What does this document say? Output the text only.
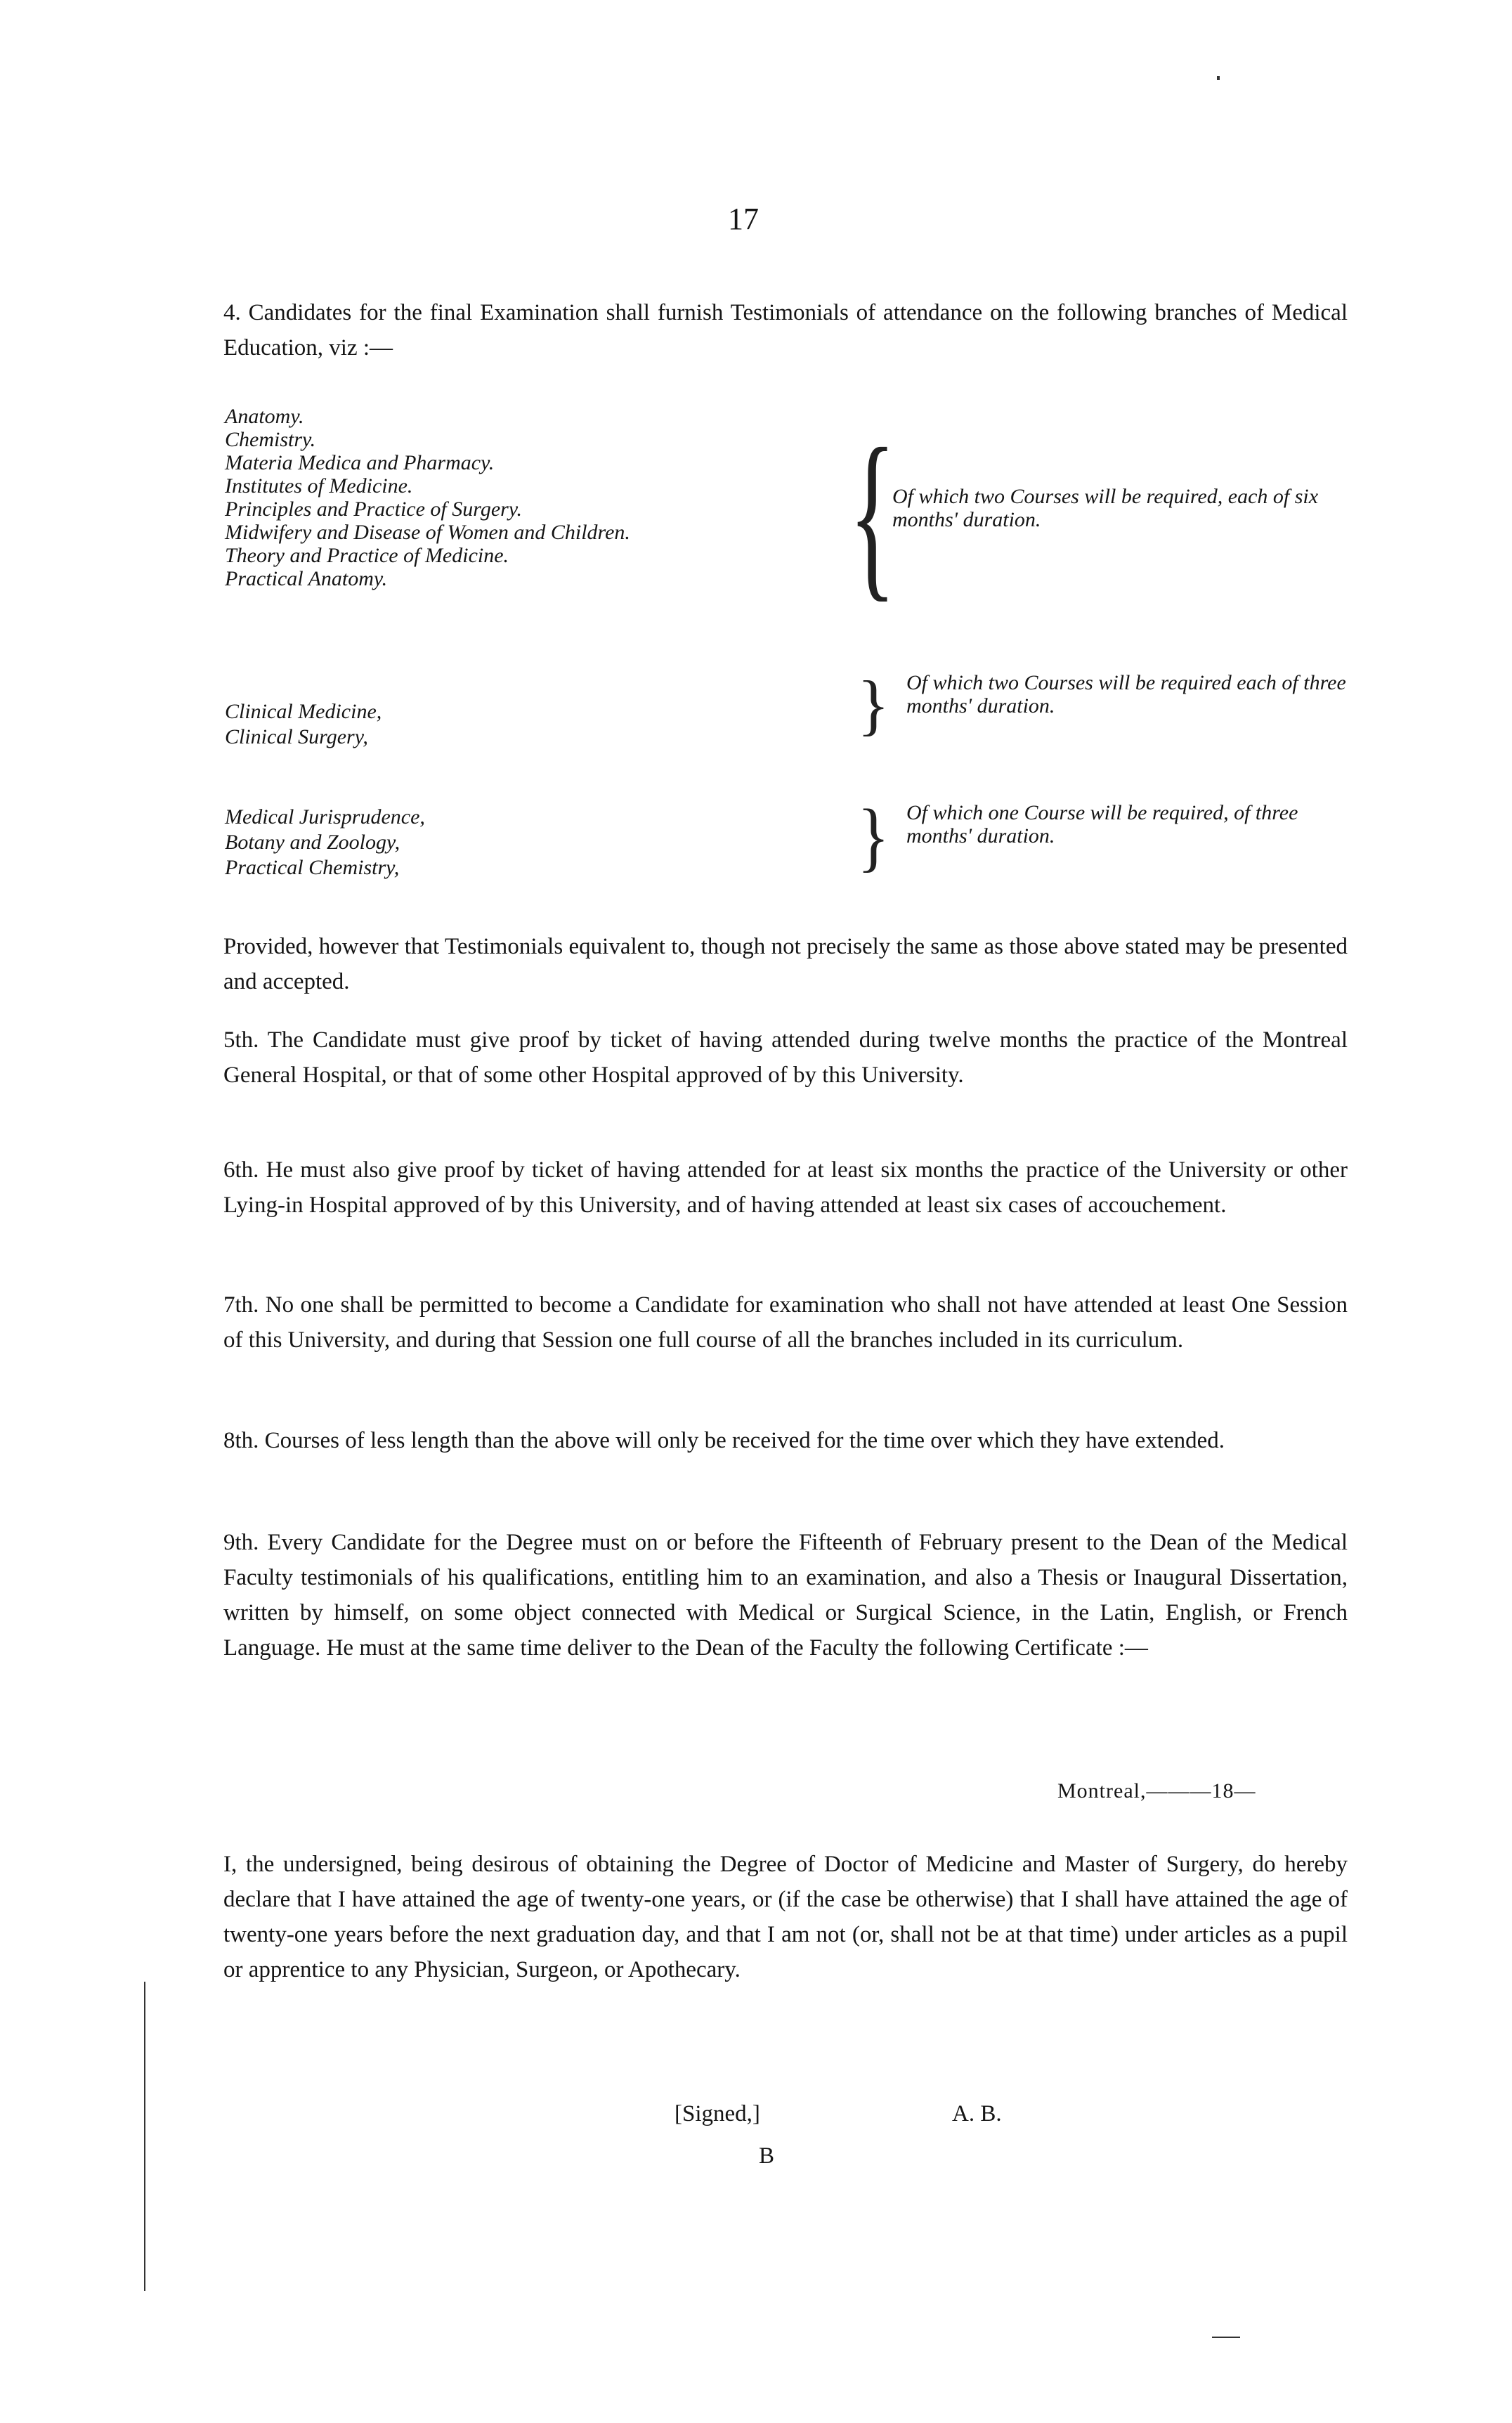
17
4. Candidates for the final Examination shall furnish Testimonials of attendance on the following branches of Medical Education, viz :—
Anatomy.
Chemistry.
Materia Medica and Pharmacy.
Institutes of Medicine.
Principles and Practice of Surgery.
Midwifery and Disease of Women and Children.
Theory and Practice of Medicine.
Practical Anatomy.	{
Of which two Courses will be required, each of six months' duration.
Clinical Medicine,
Clinical Surgery,	} Of which two Courses will be required each of three months' duration.
Medical Jurisprudence,
Botany and Zoology,
Practical Chemistry,	} Of which one Course will be required, of three months' duration.
Provided, however that Testimonials equivalent to, though not precisely the same as those above stated may be presented and accepted.
5th. The Candidate must give proof by ticket of having attended during twelve months the practice of the Montreal General Hospital, or that of some other Hospital approved of by this University.
6th. He must also give proof by ticket of having attended for at least six months the practice of the University or other Lying-in Hospital approved of by this University, and of having attended at least six cases of accouchement.
7th. No one shall be permitted to become a Candidate for examination who shall not have attended at least One Session of this University, and during that Session one full course of all the branches included in its curriculum.
8th. Courses of less length than the above will only be received for the time over which they have extended.
9th. Every Candidate for the Degree must on or before the Fifteenth of February present to the Dean of the Medical Faculty testimonials of his qualifications, entitling him to an examination, and also a Thesis or Inaugural Dissertation, written by himself, on some object connected with Medical or Surgical Science, in the Latin, English, or French Language. He must at the same time deliver to the Dean of the Faculty the following Certificate :—
Montreal,———18—
I, the undersigned, being desirous of obtaining the Degree of Doctor of Medicine and Master of Surgery, do hereby declare that I have attained the age of twenty-one years, or (if the case be otherwise) that I shall have attained the age of twenty-one years before the next graduation day, and that I am not (or, shall not be at that time) under articles as a pupil or apprentice to any Physician, Surgeon, or Apothecary.
[Signed,]	A. B.
B
